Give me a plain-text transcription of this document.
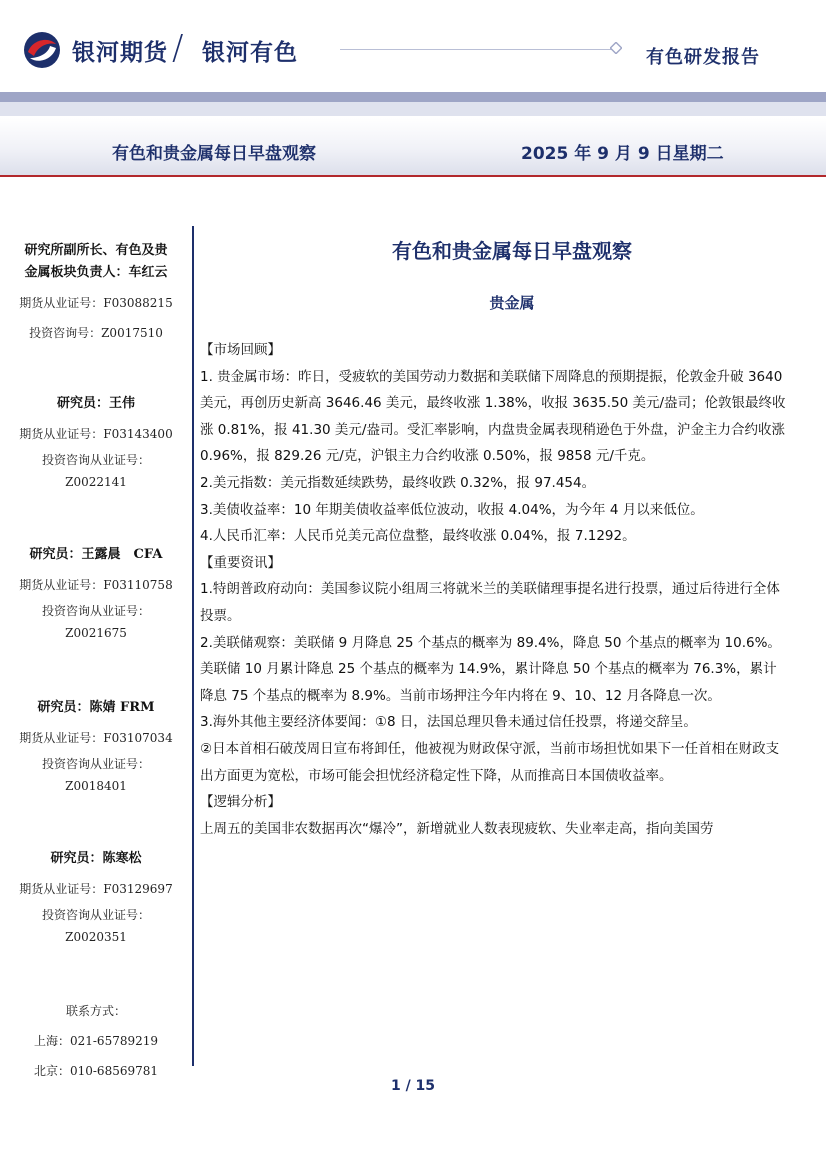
银河期货 / 银河有色	有色研发报告
有色和贵金属每日早盘观察	2025 年 9 月 9 日星期二
研究所副所长、有色及贵
金属板块负责人：车红云
期货从业证号：F03088215
投资咨询号：Z0017510
研究员：王伟
期货从业证号：F03143400
投资咨询从业证号：
Z0022141
研究员：王露晨　CFA
期货从业证号：F03110758
投资咨询从业证号：
Z0021675
研究员：陈婧 FRM
期货从业证号：F03107034
投资咨询从业证号：
Z0018401
研究员：陈寒松
期货从业证号：F03129697
投资咨询从业证号：
Z0020351
联系方式：
上海：021-65789219
北京：010-68569781
有色和贵金属每日早盘观察
贵金属

【市场回顾】

1. 贵金属市场：昨日，受疲软的美国劳动力数据和美联储下周降息的预期提振，伦敦金升破 3640 美元，再创历史新高 3646.46 美元，最终收涨 1.38%，收报 3635.50 美元/盎司；伦敦银最终收涨 0.81%，报 41.30 美元/盎司。受汇率影响，内盘贵金属表现稍逊色于外盘，沪金主力合约收涨 0.96%，报 829.26 元/克，沪银主力合约收涨 0.50%，报 9858 元/千克。

2.美元指数：美元指数延续跌势，最终收跌 0.32%，报 97.454。

3.美债收益率：10 年期美债收益率低位波动，收报 4.04%，为今年 4 月以来低位。

4.人民币汇率：人民币兑美元高位盘整，最终收涨 0.04%，报 7.1292。

【重要资讯】

1.特朗普政府动向：美国参议院小组周三将就米兰的美联储理事提名进行投票，通过后待进行全体投票。

2.美联储观察：美联储 9 月降息 25 个基点的概率为 89.4%，降息 50 个基点的概率为 10.6%。美联储 10 月累计降息 25 个基点的概率为 14.9%，累计降息 50 个基点的概率为 76.3%，累计降息 75 个基点的概率为 8.9%。当前市场押注今年内将在 9、10、12 月各降息一次。

3.海外其他主要经济体要闻：①8 日，法国总理贝鲁未通过信任投票，将递交辞呈。

②日本首相石破茂周日宣布将卸任，他被视为财政保守派，当前市场担忧如果下一任首相在财政支出方面更为宽松，市场可能会担忧经济稳定性下降，从而推高日本国债收益率。

【逻辑分析】

上周五的美国非农数据再次“爆冷”，新增就业人数表现疲软、失业率走高，指向美国劳

1 / 15
